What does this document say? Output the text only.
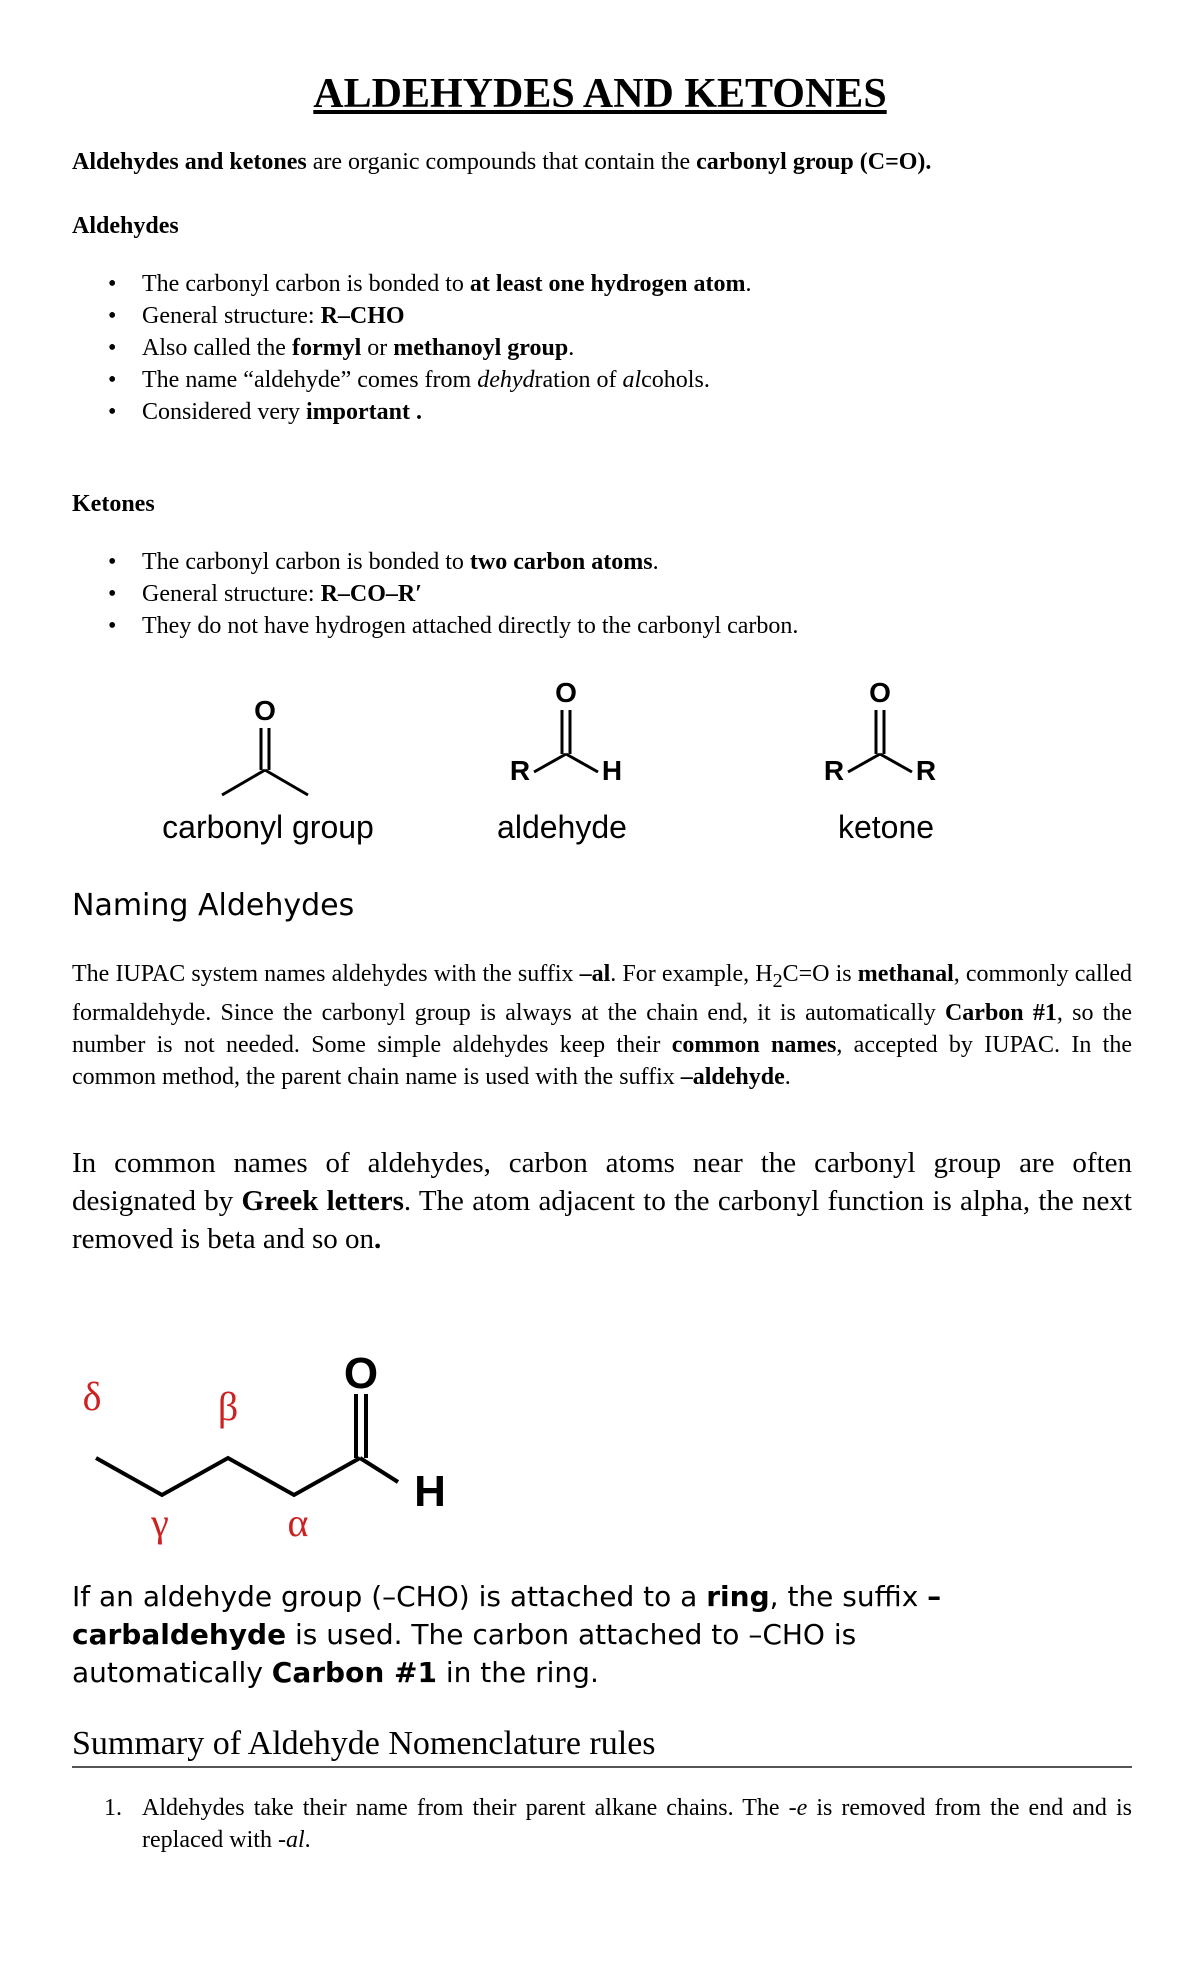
ALDEHYDES AND KETONES

Aldehydes and ketones are organic compounds that contain the carbonyl group (C=O).

Aldehydes
• The carbonyl carbon is bonded to at least one hydrogen atom.
• General structure: R–CHO
• Also called the formyl or methanoyl group.
• The name “aldehyde” comes from dehydration of alcohols.
• Considered very important .
Ketones
• The carbonyl carbon is bonded to two carbon atoms.
• General structure: R–CO–R′
• They do not have hydrogen attached directly to the carbonyl carbon.
O
O
R	H
O
R	R
carbonyl group	aldehyde	ketone
Naming Aldehydes

The IUPAC system names aldehydes with the suffix –al. For example, $H_2C=O$ is methanal, commonly called formaldehyde. Since the carbonyl group is always at the chain end, it is automatically Carbon #1, so the number is not needed. Some simple aldehydes keep their common names, accepted by IUPAC. In the common method, the parent chain name is used with the suffix –aldehyde.

In common names of aldehydes, carbon atoms near the carbonyl group are often designated by Greek letters. The atom adjacent to the carbonyl function is alpha, the next removed is beta and so on.

O
H
δ	β
γ	α

If an aldehyde group (–CHO) is attached to a ring, the suffix –carbaldehyde is used. The carbon attached to –CHO is automatically Carbon #1 in the ring.

Summary of Aldehyde Nomenclature rules
1. Aldehydes take their name from their parent alkane chains. The -e is removed from the end and is replaced with -al.
